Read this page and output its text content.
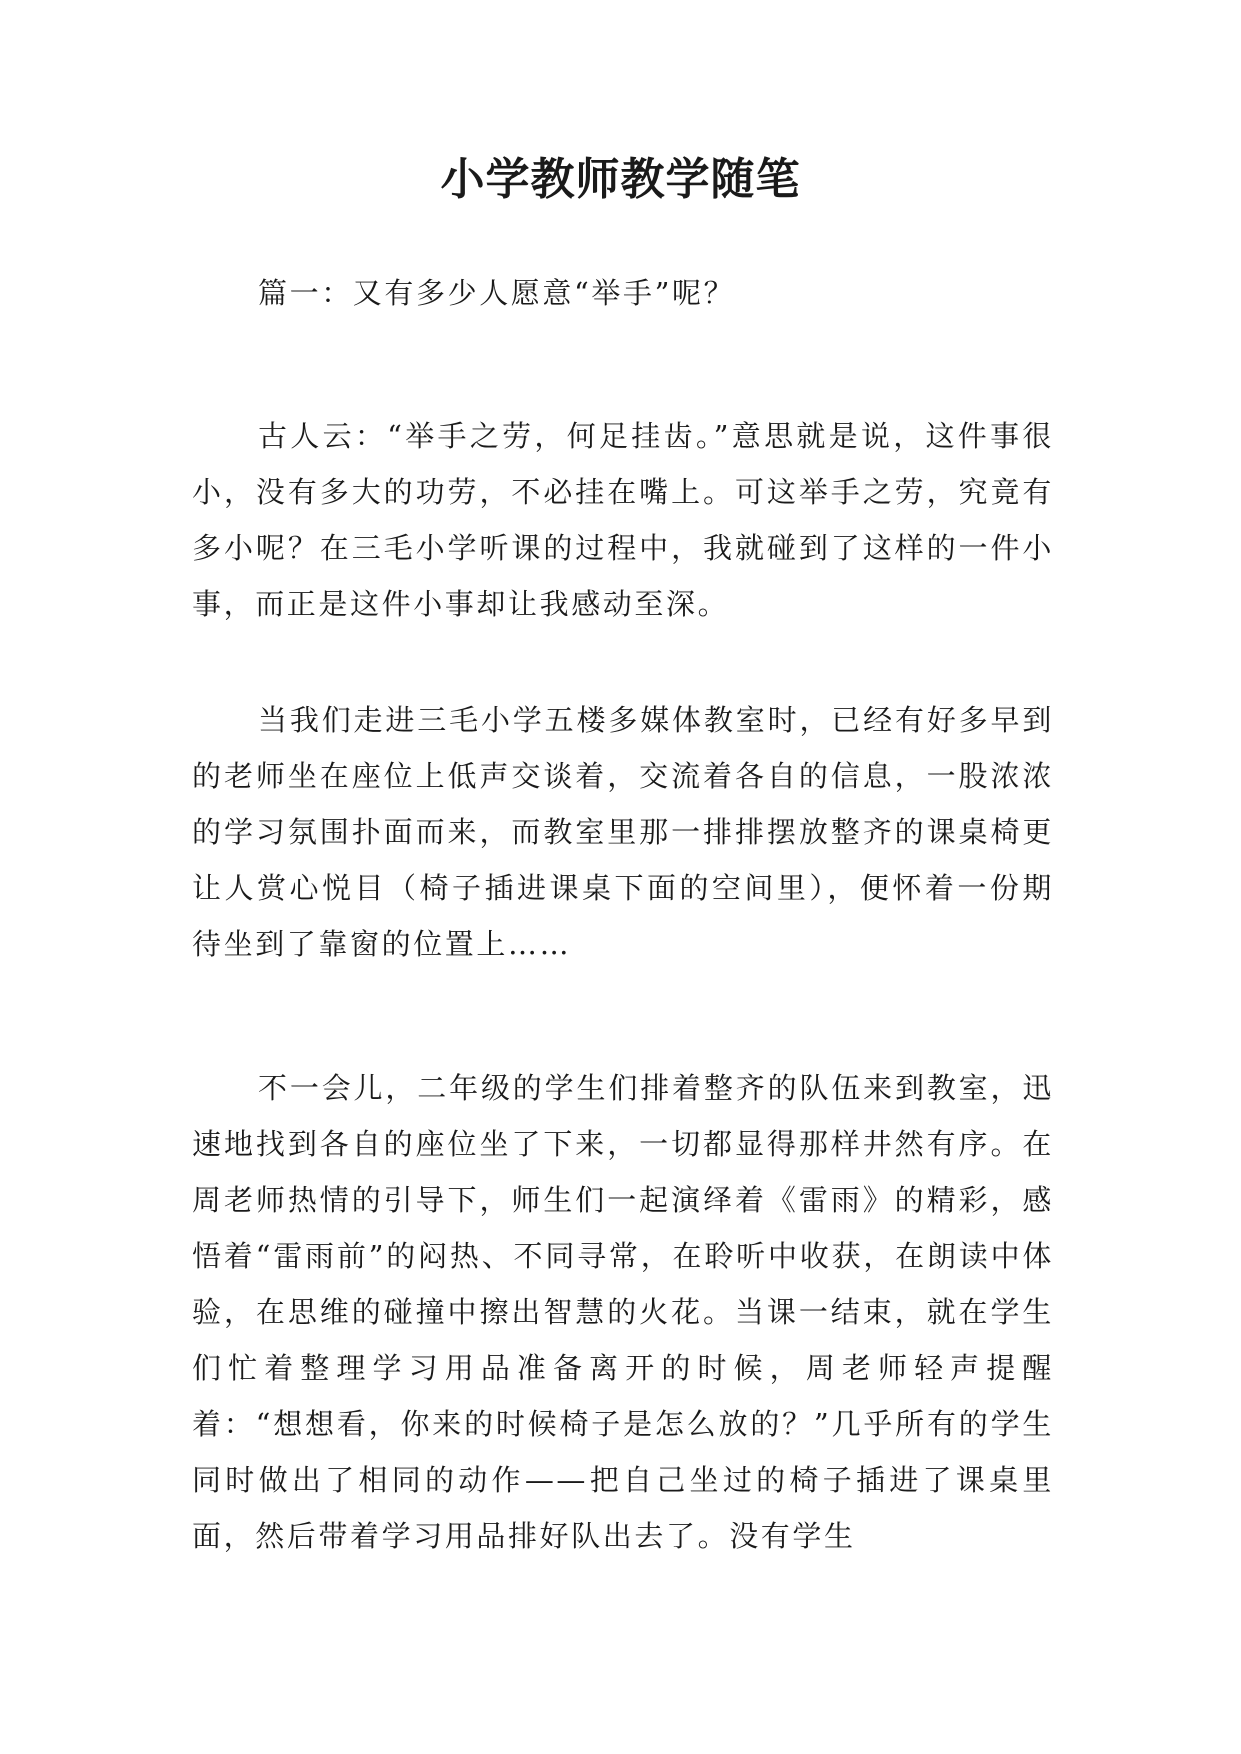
小学教师教学随笔

篇一：又有多少人愿意“举手”呢？

古人云：“举手之劳，何足挂齿。”意思就是说，这件事很小，没有多大的功劳，不必挂在嘴上。可这举手之劳，究竟有多小呢？在三毛小学听课的过程中，我就碰到了这样的一件小事，而正是这件小事却让我感动至深。

当我们走进三毛小学五楼多媒体教室时，已经有好多早到的老师坐在座位上低声交谈着，交流着各自的信息，一股浓浓的学习氛围扑面而来，而教室里那一排排摆放整齐的课桌椅更让人赏心悦目（椅子插进课桌下面的空间里），便怀着一份期待坐到了靠窗的位置上……

不一会儿，二年级的学生们排着整齐的队伍来到教室，迅速地找到各自的座位坐了下来，一切都显得那样井然有序。在周老师热情的引导下，师生们一起演绎着《雷雨》的精彩，感悟着“雷雨前”的闷热、不同寻常，在聆听中收获，在朗读中体验，在思维的碰撞中擦出智慧的火花。当课一结束，就在学生们忙着整理学习用品准备离开的时候，周老师轻声提醒着：“想想看，你来的时候椅子是怎么放的？”几乎所有的学生同时做出了相同的动作——把自己坐过的椅子插进了课桌里面，然后带着学习用品排好队出去了。没有学生
